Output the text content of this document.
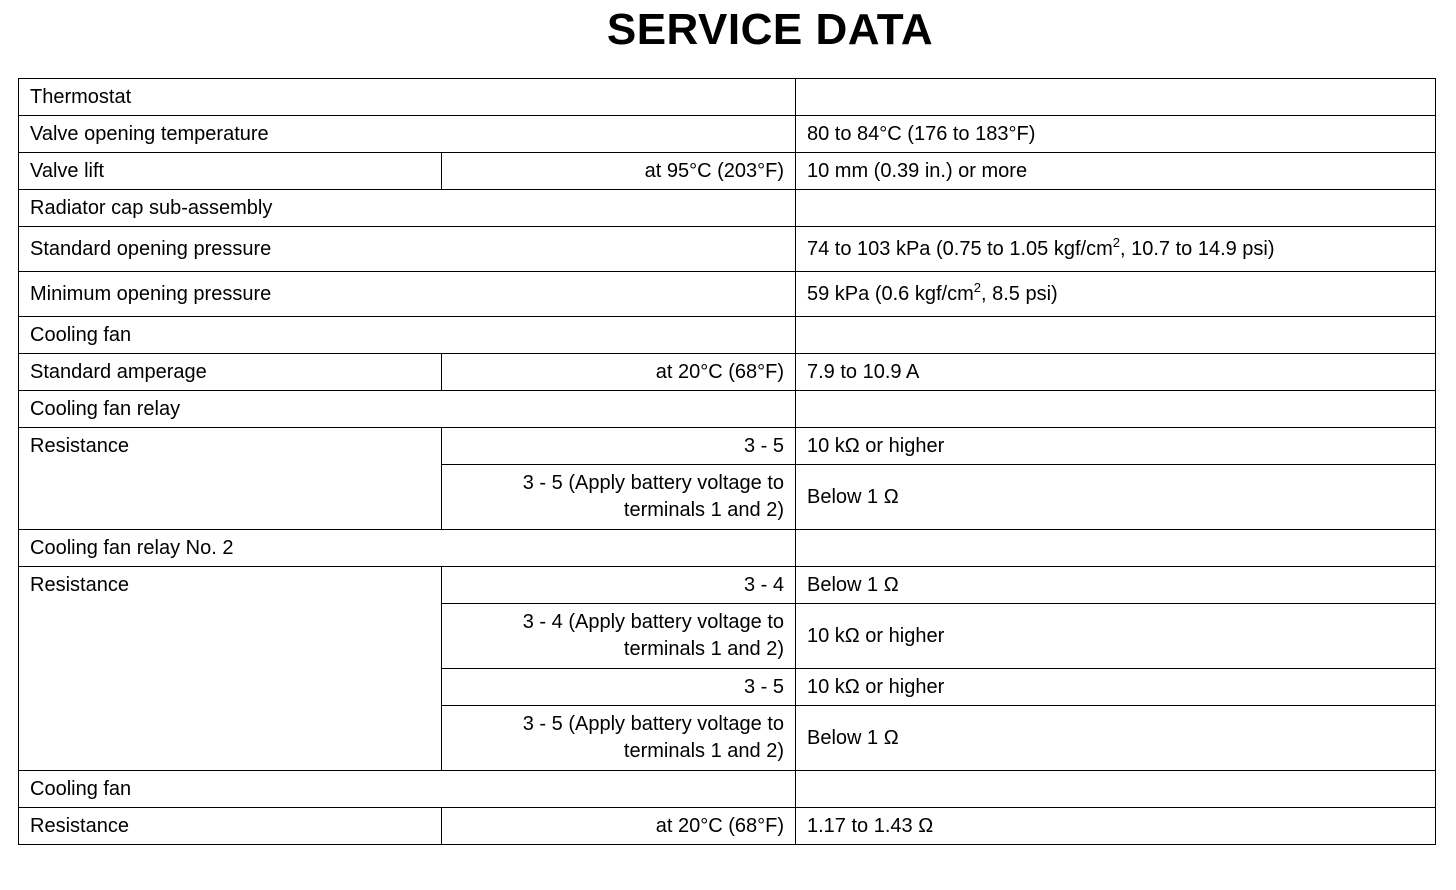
SERVICE DATA
Thermostat		
Valve opening temperature		80 to 84°C (176 to 183°F)
Valve lift	at 95°C (203°F)	10 mm (0.39 in.) or more
Radiator cap sub-assembly		
Standard opening pressure		74 to 103 kPa (0.75 to 1.05 kgf/$cm^2$, 10.7 to 14.9 psi)
Minimum opening pressure		59 kPa (0.6 kgf/$cm^2$, 8.5 psi)
Cooling fan		
Standard amperage	at 20°C (68°F)	7.9 to 10.9 A
Cooling fan relay		
Resistance	3 - 5	10 kΩ or higher
	3 - 5 (Apply battery voltage to
terminals 1 and 2)	Below 1 Ω
Cooling fan relay No. 2		
Resistance	3 - 4	Below 1 Ω
	3 - 4 (Apply battery voltage to
terminals 1 and 2)	10 kΩ or higher
	3 - 5	10 kΩ or higher
	3 - 5 (Apply battery voltage to
terminals 1 and 2)	Below 1 Ω
Cooling fan		
Resistance	at 20°C (68°F)	1.17 to 1.43 Ω
